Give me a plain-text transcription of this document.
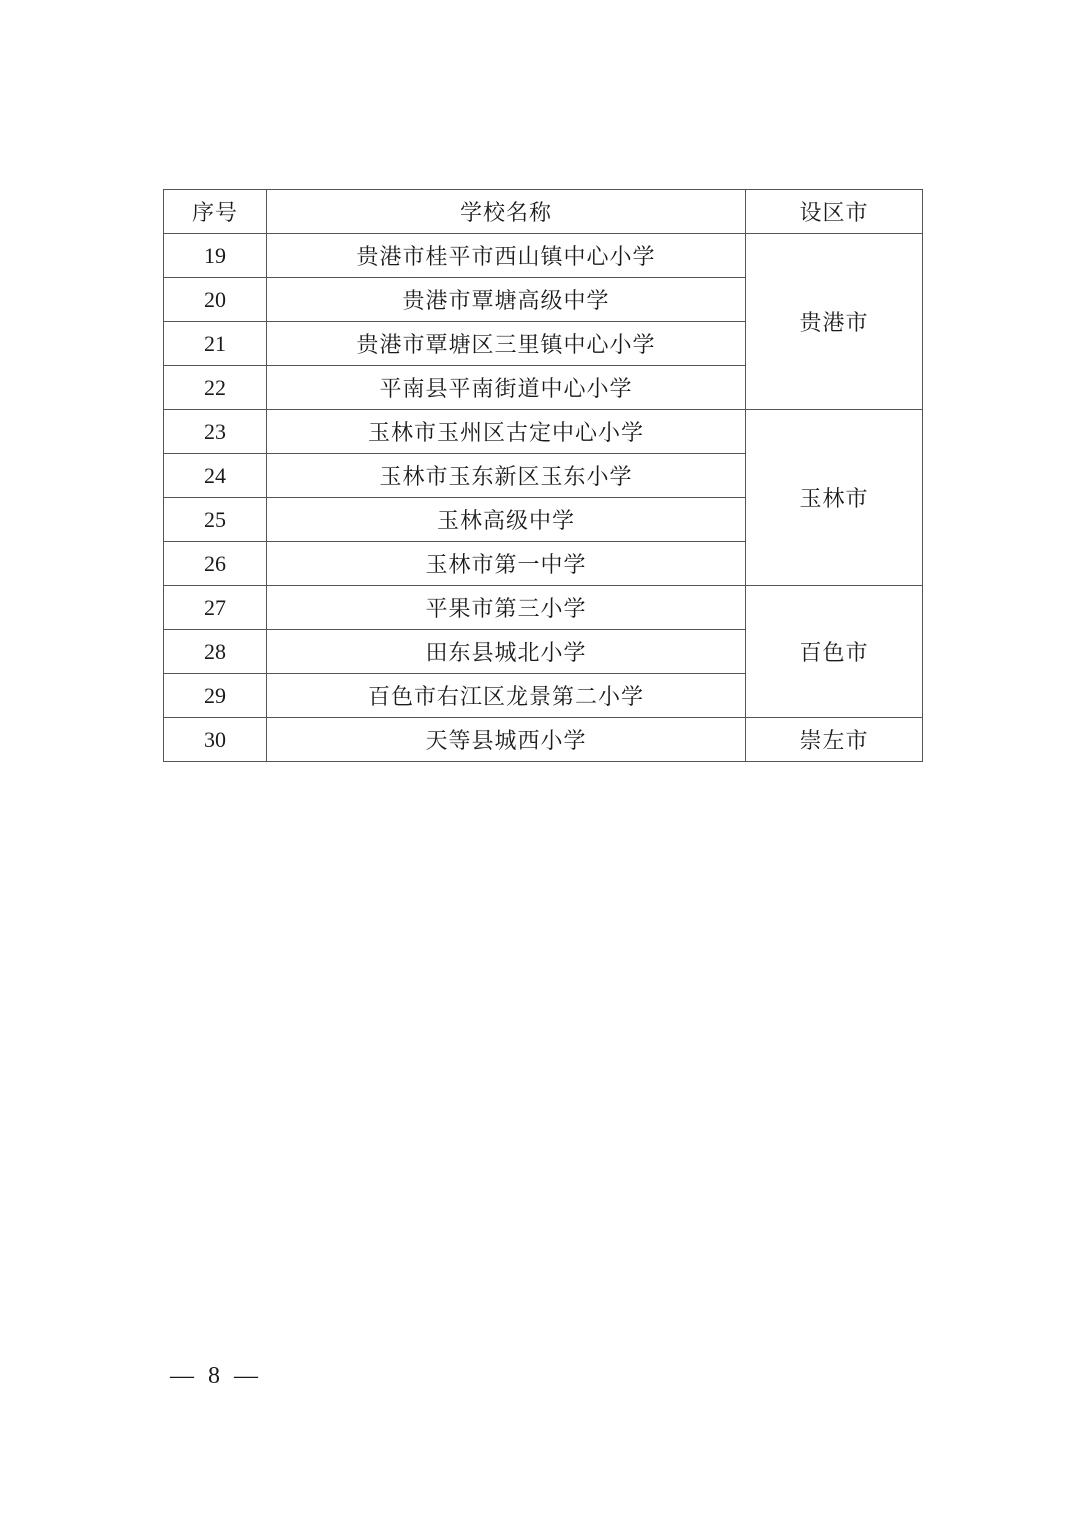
序号	学校名称	设区市
19	贵港市桂平市西山镇中心小学	贵港市
20	贵港市覃塘高级中学	
21	贵港市覃塘区三里镇中心小学	
22	平南县平南街道中心小学	
23	玉林市玉州区古定中心小学	玉林市
24	玉林市玉东新区玉东小学	
25	玉林高级中学	
26	玉林市第一中学	
27	平果市第三小学	百色市
28	田东县城北小学	
29	百色市右江区龙景第二小学	
30	天等县城西小学	崇左市
— 8 —
